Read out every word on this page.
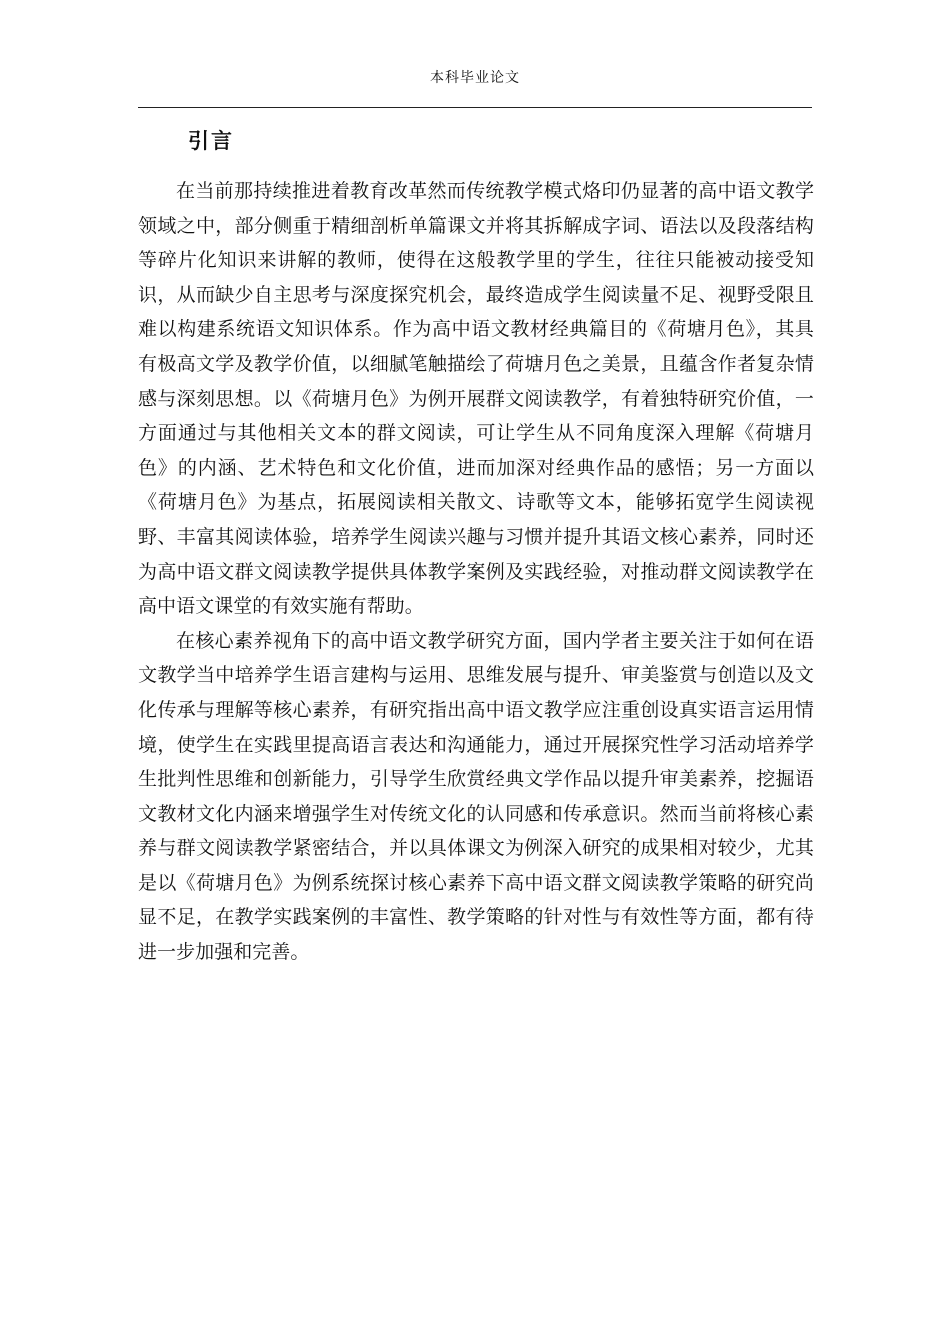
本科毕业论文
引言

在当前那持续推进着教育改革然而传统教学模式烙印仍显著的高中语文教学领域之中，部分侧重于精细剖析单篇课文并将其拆解成字词、语法以及段落结构等碎片化知识来讲解的教师，使得在这般教学里的学生，往往只能被动接受知识，从而缺少自主思考与深度探究机会，最终造成学生阅读量不足、视野受限且难以构建系统语文知识体系。作为高中语文教材经典篇目的《荷塘月色》，其具有极高文学及教学价值，以细腻笔触描绘了荷塘月色之美景，且蕴含作者复杂情感与深刻思想。以《荷塘月色》为例开展群文阅读教学，有着独特研究价值，一方面通过与其他相关文本的群文阅读，可让学生从不同角度深入理解《荷塘月色》的内涵、艺术特色和文化价值，进而加深对经典作品的感悟；另一方面以《荷塘月色》为基点，拓展阅读相关散文、诗歌等文本，能够拓宽学生阅读视野、丰富其阅读体验，培养学生阅读兴趣与习惯并提升其语文核心素养，同时还为高中语文群文阅读教学提供具体教学案例及实践经验，对推动群文阅读教学在高中语文课堂的有效实施有帮助。

在核心素养视角下的高中语文教学研究方面，国内学者主要关注于如何在语文教学当中培养学生语言建构与运用、思维发展与提升、审美鉴赏与创造以及文化传承与理解等核心素养，有研究指出高中语文教学应注重创设真实语言运用情境，使学生在实践里提高语言表达和沟通能力，通过开展探究性学习活动培养学生批判性思维和创新能力，引导学生欣赏经典文学作品以提升审美素养，挖掘语文教材文化内涵来增强学生对传统文化的认同感和传承意识。然而当前将核心素养与群文阅读教学紧密结合，并以具体课文为例深入研究的成果相对较少，尤其是以《荷塘月色》为例系统探讨核心素养下高中语文群文阅读教学策略的研究尚显不足，在教学实践案例的丰富性、教学策略的针对性与有效性等方面，都有待进一步加强和完善。
